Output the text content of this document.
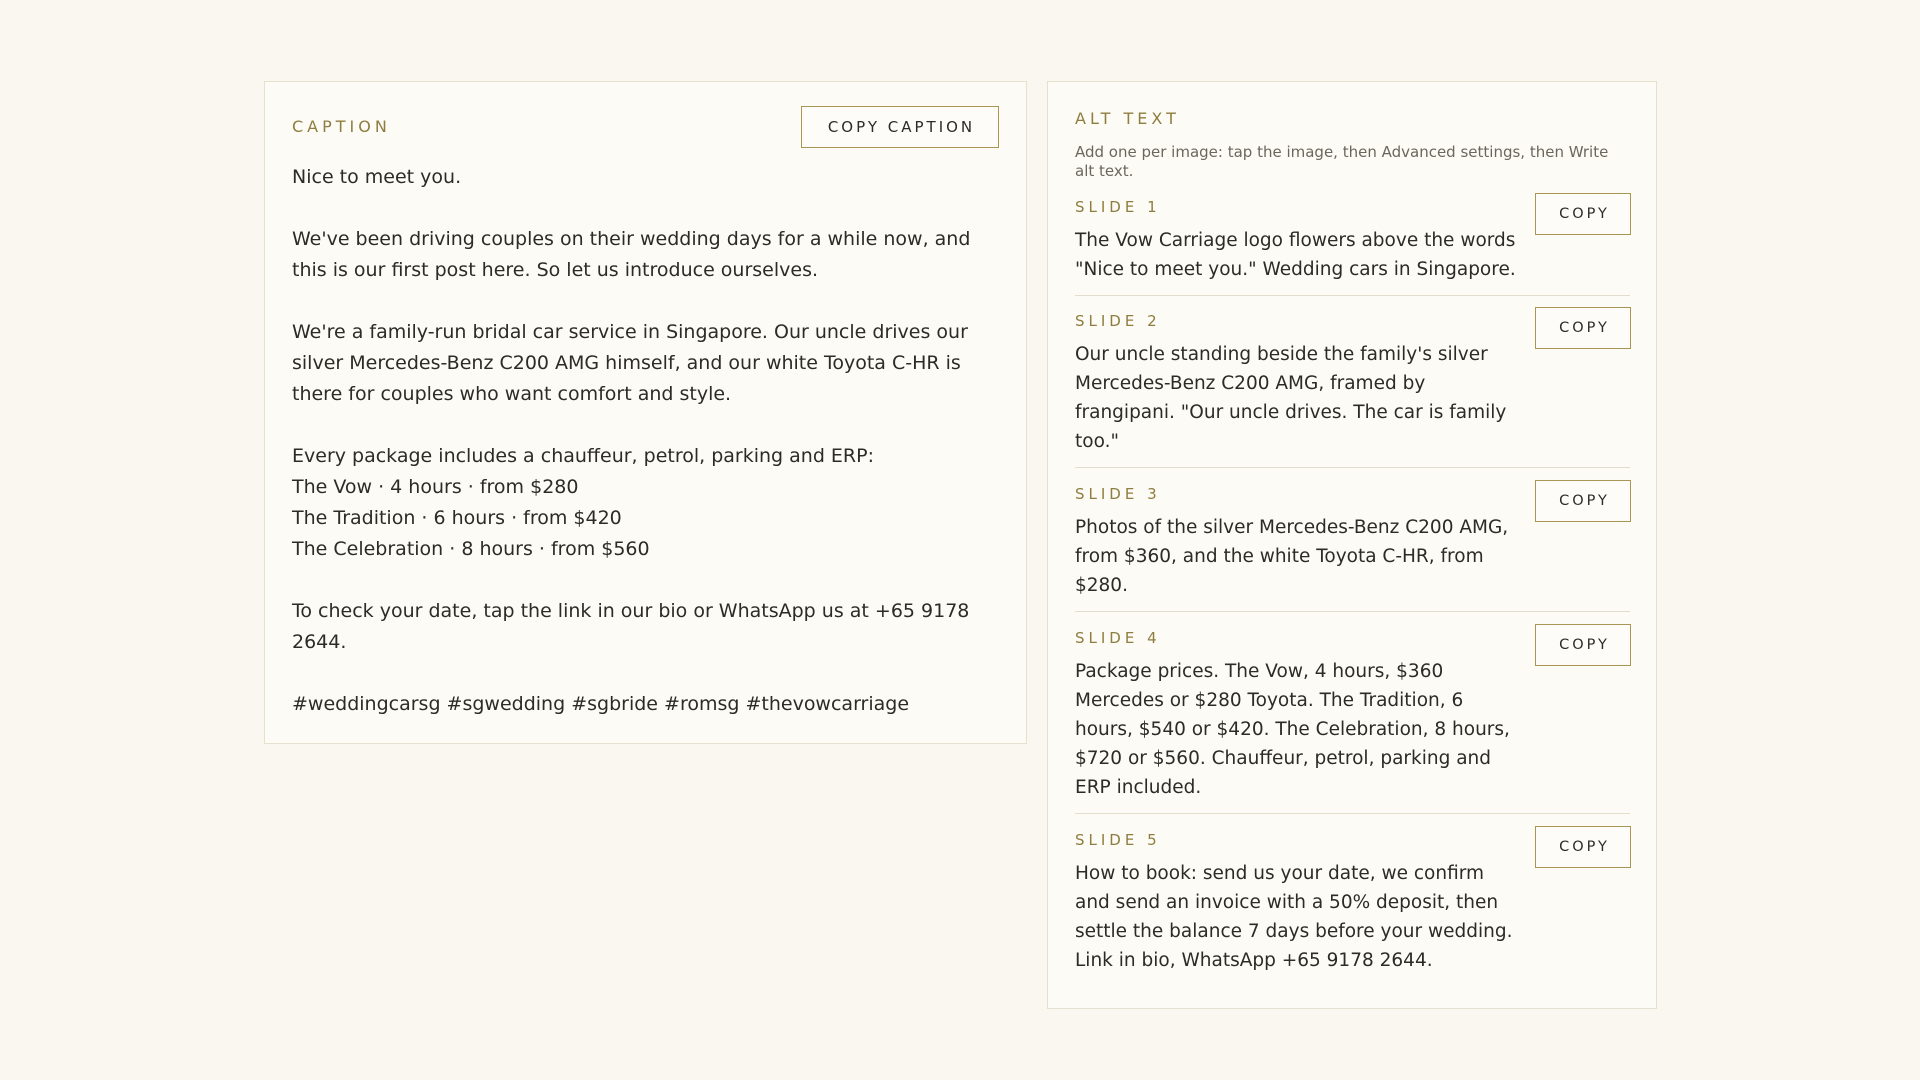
CAPTION	COPY CAPTION

Nice to meet you.

We've been driving couples on their wedding days for a while now, and this is our first post here. So let us introduce ourselves.

We're a family-run bridal car service in Singapore. Our uncle drives our silver Mercedes-Benz C200 AMG himself, and our white Toyota C-HR is there for couples who want comfort and style.

Every package includes a chauffeur, petrol, parking and ERP:
The Vow · 4 hours · from $280
The Tradition · 6 hours · from $420
The Celebration · 8 hours · from $560

To check your date, tap the link in our bio or WhatsApp us at +65 9178 2644.

#weddingcarsg #sgwedding #sgbride #romsg #thevowcarriage

ALT TEXT
Add one per image: tap the image, then Advanced settings, then Write alt text.
SLIDE 1
The Vow Carriage logo flowers above the words "Nice to meet you." Wedding cars in Singapore.
COPY
SLIDE 2
Our uncle standing beside the family's silver Mercedes-Benz C200 AMG, framed by frangipani. "Our uncle drives. The car is family too."
COPY
SLIDE 3
Photos of the silver Mercedes-Benz C200 AMG, from $360, and the white Toyota C-HR, from $280.
COPY
SLIDE 4
Package prices. The Vow, 4 hours, $360 Mercedes or $280 Toyota. The Tradition, 6 hours, $540 or $420. The Celebration, 8 hours, $720 or $560. Chauffeur, petrol, parking and ERP included.
COPY
SLIDE 5
How to book: send us your date, we confirm and send an invoice with a 50% deposit, then settle the balance 7 days before your wedding. Link in bio, WhatsApp +65 9178 2644.
COPY
